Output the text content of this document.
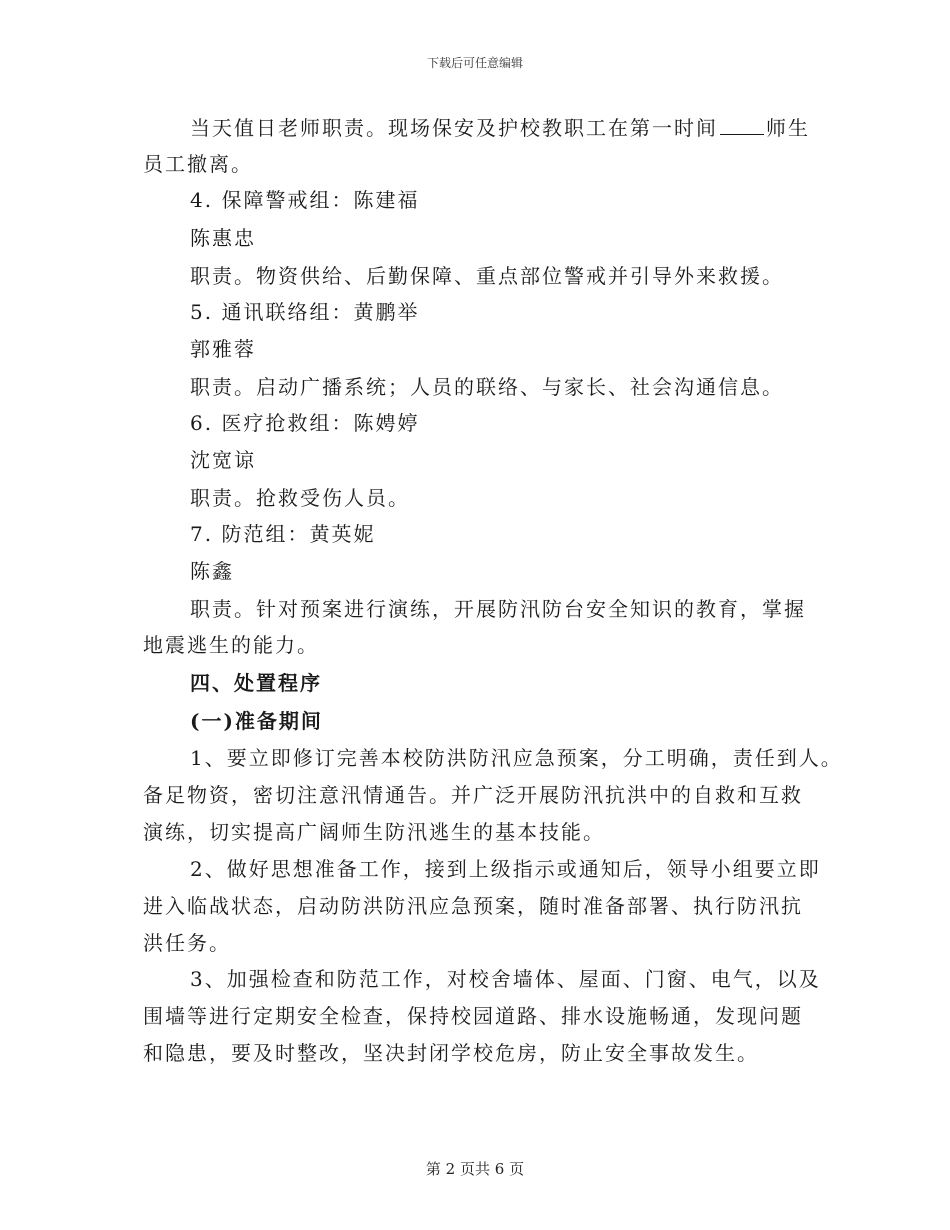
下载后可任意编辑
当天值日老师职责。现场保安及护校教职工在第一时间 师生
员工撤离。
4. 保障警戒组：陈建福
陈惠忠
职责。物资供给、后勤保障、重点部位警戒并引导外来救援。
5. 通讯联络组：黄鹏举
郭雅蓉
职责。启动广播系统；人员的联络、与家长、社会沟通信息。
6. 医疗抢救组：陈娉婷
沈宽谅
职责。抢救受伤人员。
7. 防范组：黄英妮
陈鑫
职责。针对预案进行演练，开展防汛防台安全知识的教育，掌握
地震逃生的能力。
四、处置程序
(一)准备期间
1、要立即修订完善本校防洪防汛应急预案，分工明确，责任到人。
备足物资，密切注意汛情通告。并广泛开展防汛抗洪中的自救和互救
演练，切实提高广阔师生防汛逃生的基本技能。
2、做好思想准备工作，接到上级指示或通知后，领导小组要立即
进入临战状态，启动防洪防汛应急预案，随时准备部署、执行防汛抗
洪任务。
3、加强检查和防范工作，对校舍墙体、屋面、门窗、电气，以及
围墙等进行定期安全检查，保持校园道路、排水设施畅通，发现问题
和隐患，要及时整改，坚决封闭学校危房，防止安全事故发生。
第 2 页共 6 页
